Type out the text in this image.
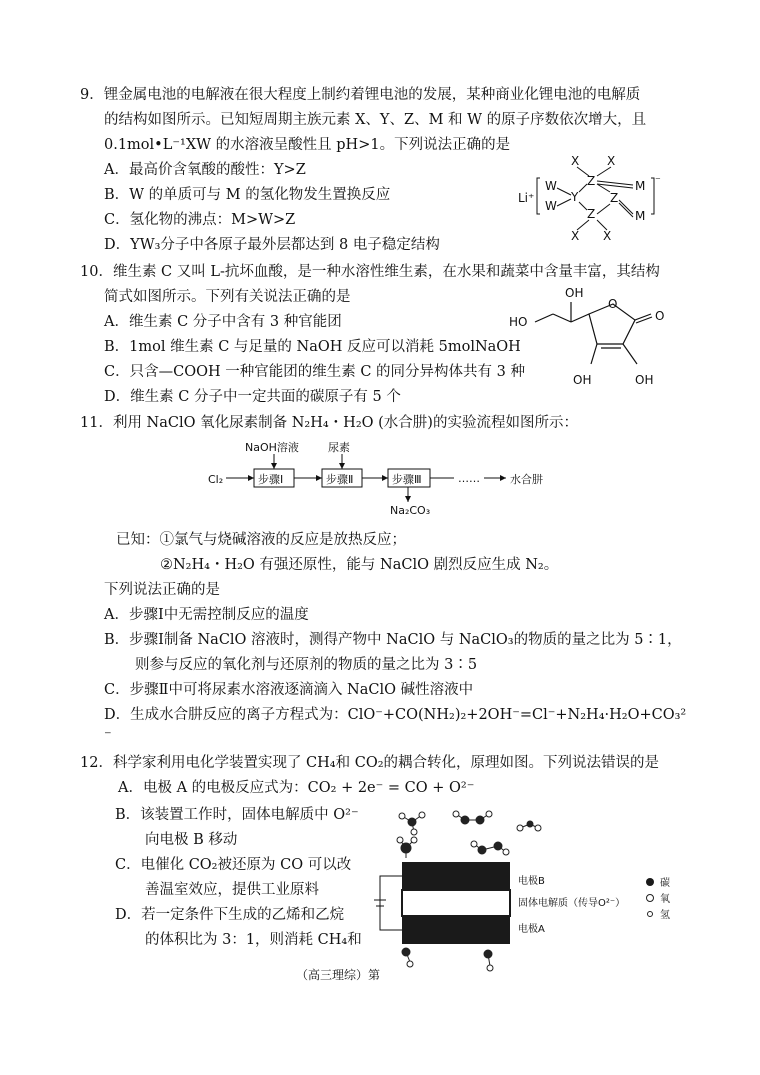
9．锂金属电池的电解液在很大程度上制约着锂电池的发展，某种商业化锂电池的电解质
的结构如图所示。已知短周期主族元素 X、Y、Z、M 和 W 的原子序数依次增大，且
0.1mol•L⁻¹XW 的水溶液呈酸性且 pH>1。下列说法正确的是
A．最高价含氧酸的酸性：Y>Z
B．W 的单质可与 M 的氢化物发生置换反应
C．氢化物的沸点：M>W>Z
D．YW₃分子中各原子最外层都达到 8 电子稳定结构
Li⁺
X X
W
W
Y
Z
Z
Z
M
M
X X
⁻
10．维生素 C 又叫 L-抗坏血酸，是一种水溶性维生素，在水果和蔬菜中含量丰富，其结构
简式如图所示。下列有关说法正确的是
A．维生素 C 分子中含有 3 种官能团
B．1mol 维生素 C 与足量的 NaOH 反应可以消耗 5molNaOH
C．只含—COOH 一种官能团的维生素 C 的同分异构体共有 3 种
D．维生素 C 分子中一定共面的碳原子有 5 个
OH
HO
O
O
OH	OH
11．利用 NaClO 氧化尿素制备 N₂H₄・H₂O (水合肼)的实验流程如图所示：
Cl₂
NaOH溶液	尿素
步骤Ⅰ	步骤Ⅱ	步骤Ⅲ
Na₂CO₃
……	水合肼
已知：①氯气与烧碱溶液的反应是放热反应；
②N₂H₄・H₂O 有强还原性，能与 NaClO 剧烈反应生成 N₂。
下列说法正确的是
A．步骤Ⅰ中无需控制反应的温度
B．步骤Ⅰ制备 NaClO 溶液时，测得产物中 NaClO 与 NaClO₃的物质的量之比为 5∶1，
则参与反应的氧化剂与还原剂的物质的量之比为 3∶5
C．步骤Ⅱ中可将尿素水溶液逐滴滴入 NaClO 碱性溶液中
D．生成水合肼反应的离子方程式为：ClO⁻+CO(NH₂)₂+2OH⁻=Cl⁻+N₂H₄·H₂O+CO₃²
⁻
12．科学家利用电化学装置实现了 CH₄和 CO₂的耦合转化，原理如图。下列说法错误的是
A．电极 A 的电极反应式为：CO₂ + 2e⁻ = CO + O²⁻
B．该装置工作时，固体电解质中 O²⁻
向电极 B 移动
C．电催化 CO₂被还原为 CO 可以改
善温室效应，提供工业原料
D．若一定条件下生成的乙烯和乙烷
的体积比为 3：1，则消耗 CH₄和
电极B
固体电解质（传导O²⁻）
电极A
碳
氧
氢
（高三理综）第
